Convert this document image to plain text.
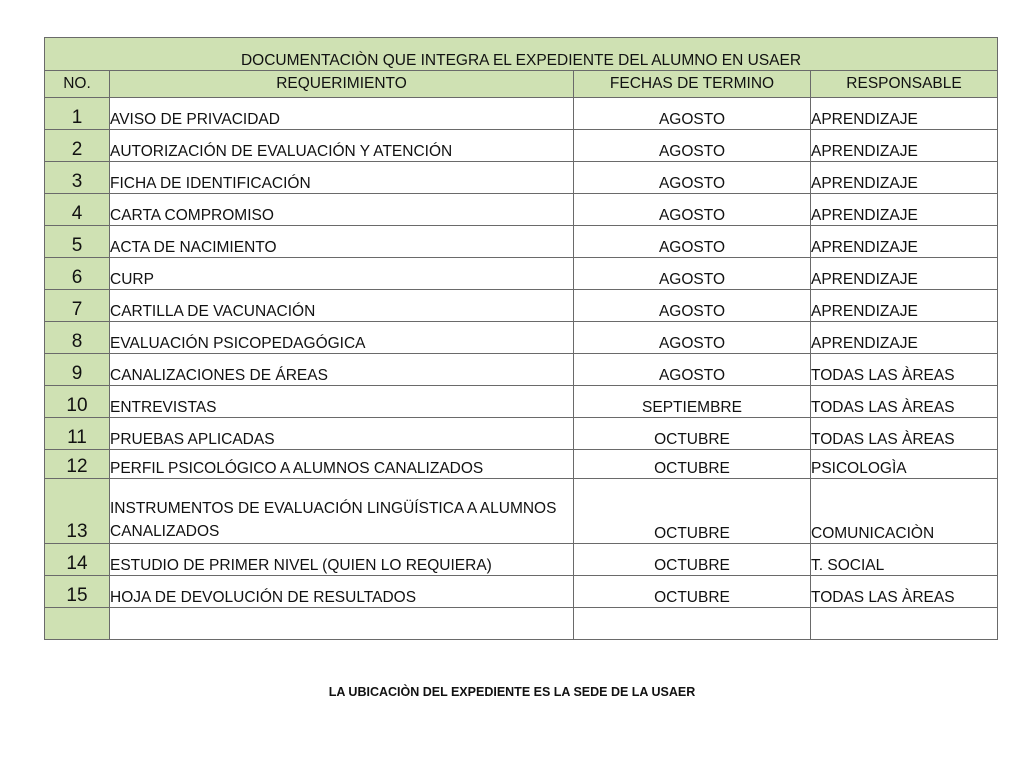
DOCUMENTACIÒN QUE INTEGRA EL EXPEDIENTE DEL ALUMNO EN USAER			
NO.	REQUERIMIENTO	FECHAS DE TERMINO	RESPONSABLE
1	AVISO DE PRIVACIDAD	AGOSTO	APRENDIZAJE
2	AUTORIZACIÓN DE EVALUACIÓN Y ATENCIÓN	AGOSTO	APRENDIZAJE
3	FICHA DE IDENTIFICACIÓN	AGOSTO	APRENDIZAJE
4	CARTA COMPROMISO	AGOSTO	APRENDIZAJE
5	ACTA DE NACIMIENTO	AGOSTO	APRENDIZAJE
6	CURP	AGOSTO	APRENDIZAJE
7	CARTILLA DE VACUNACIÓN	AGOSTO	APRENDIZAJE
8	EVALUACIÓN PSICOPEDAGÓGICA	AGOSTO	APRENDIZAJE
9	CANALIZACIONES DE ÁREAS	AGOSTO	TODAS LAS ÀREAS
10	ENTREVISTAS	SEPTIEMBRE	TODAS LAS ÀREAS
11	PRUEBAS APLICADAS	OCTUBRE	TODAS LAS ÀREAS
12	PERFIL PSICOLÓGICO A ALUMNOS CANALIZADOS	OCTUBRE	PSICOLOGÌA
13	INSTRUMENTOS DE EVALUACIÓN LINGÜÍSTICA A ALUMNOS CANALIZADOS	OCTUBRE	COMUNICACIÒN
14	ESTUDIO DE PRIMER NIVEL (QUIEN LO REQUIERA)	OCTUBRE	T. SOCIAL
15	HOJA DE DEVOLUCIÓN DE RESULTADOS	OCTUBRE	TODAS LAS ÀREAS

LA UBICACIÒN DEL EXPEDIENTE ES LA SEDE DE LA USAER
